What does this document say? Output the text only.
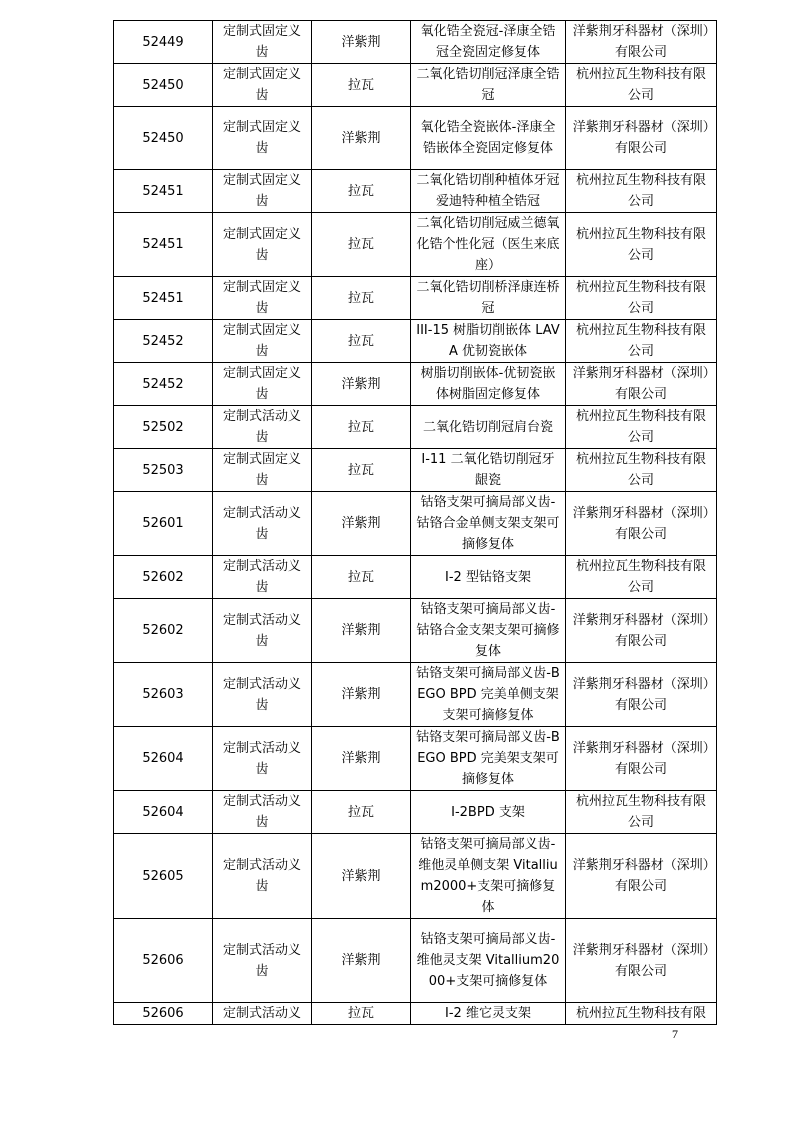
52449	定制式固定义齿	洋紫荆	氧化锆全瓷冠-泽康全锆冠全瓷固定修复体	洋紫荆牙科器材（深圳）有限公司
52450	定制式固定义齿	拉瓦	二氧化锆切削冠泽康全锆冠	杭州拉瓦生物科技有限公司
52450	定制式固定义齿	洋紫荆	氧化锆全瓷嵌体-泽康全锆嵌体全瓷固定修复体	洋紫荆牙科器材（深圳）有限公司
52451	定制式固定义齿	拉瓦	二氧化锆切削种植体牙冠爱迪特种植全锆冠	杭州拉瓦生物科技有限公司
52451	定制式固定义齿	拉瓦	二氧化锆切削冠威兰德氧化锆个性化冠（医生来底座）	杭州拉瓦生物科技有限公司
52451	定制式固定义齿	拉瓦	二氧化锆切削桥泽康连桥冠	杭州拉瓦生物科技有限公司
52452	定制式固定义齿	拉瓦	III-15 树脂切削嵌体 LAVA 优韧瓷嵌体	杭州拉瓦生物科技有限公司
52452	定制式固定义齿	洋紫荆	树脂切削嵌体-优韧瓷嵌体树脂固定修复体	洋紫荆牙科器材（深圳）有限公司
52502	定制式活动义齿	拉瓦	二氧化锆切削冠肩台瓷	杭州拉瓦生物科技有限公司
52503	定制式固定义齿	拉瓦	I-11 二氧化锆切削冠牙龈瓷	杭州拉瓦生物科技有限公司
52601	定制式活动义齿	洋紫荆	钴铬支架可摘局部义齿-钴铬合金单侧支架支架可摘修复体	洋紫荆牙科器材（深圳）有限公司
52602	定制式活动义齿	拉瓦	I-2 型钴铬支架	杭州拉瓦生物科技有限公司
52602	定制式活动义齿	洋紫荆	钴铬支架可摘局部义齿-钴铬合金支架支架可摘修复体	洋紫荆牙科器材（深圳）有限公司
52603	定制式活动义齿	洋紫荆	钴铬支架可摘局部义齿-BEGO BPD 完美单侧支架支架可摘修复体	洋紫荆牙科器材（深圳）有限公司
52604	定制式活动义齿	洋紫荆	钴铬支架可摘局部义齿-BEGO BPD 完美架支架可摘修复体	洋紫荆牙科器材（深圳）有限公司
52604	定制式活动义齿	拉瓦	I-2BPD 支架	杭州拉瓦生物科技有限公司
52605	定制式活动义齿	洋紫荆	钴铬支架可摘局部义齿-维他灵单侧支架 Vitallium2000+支架可摘修复体	洋紫荆牙科器材（深圳）有限公司
52606	定制式活动义齿	洋紫荆	钴铬支架可摘局部义齿-维他灵支架 Vitallium2000+支架可摘修复体	洋紫荆牙科器材（深圳）有限公司
52606	定制式活动义	拉瓦	I-2 维它灵支架	杭州拉瓦生物科技有限
7
